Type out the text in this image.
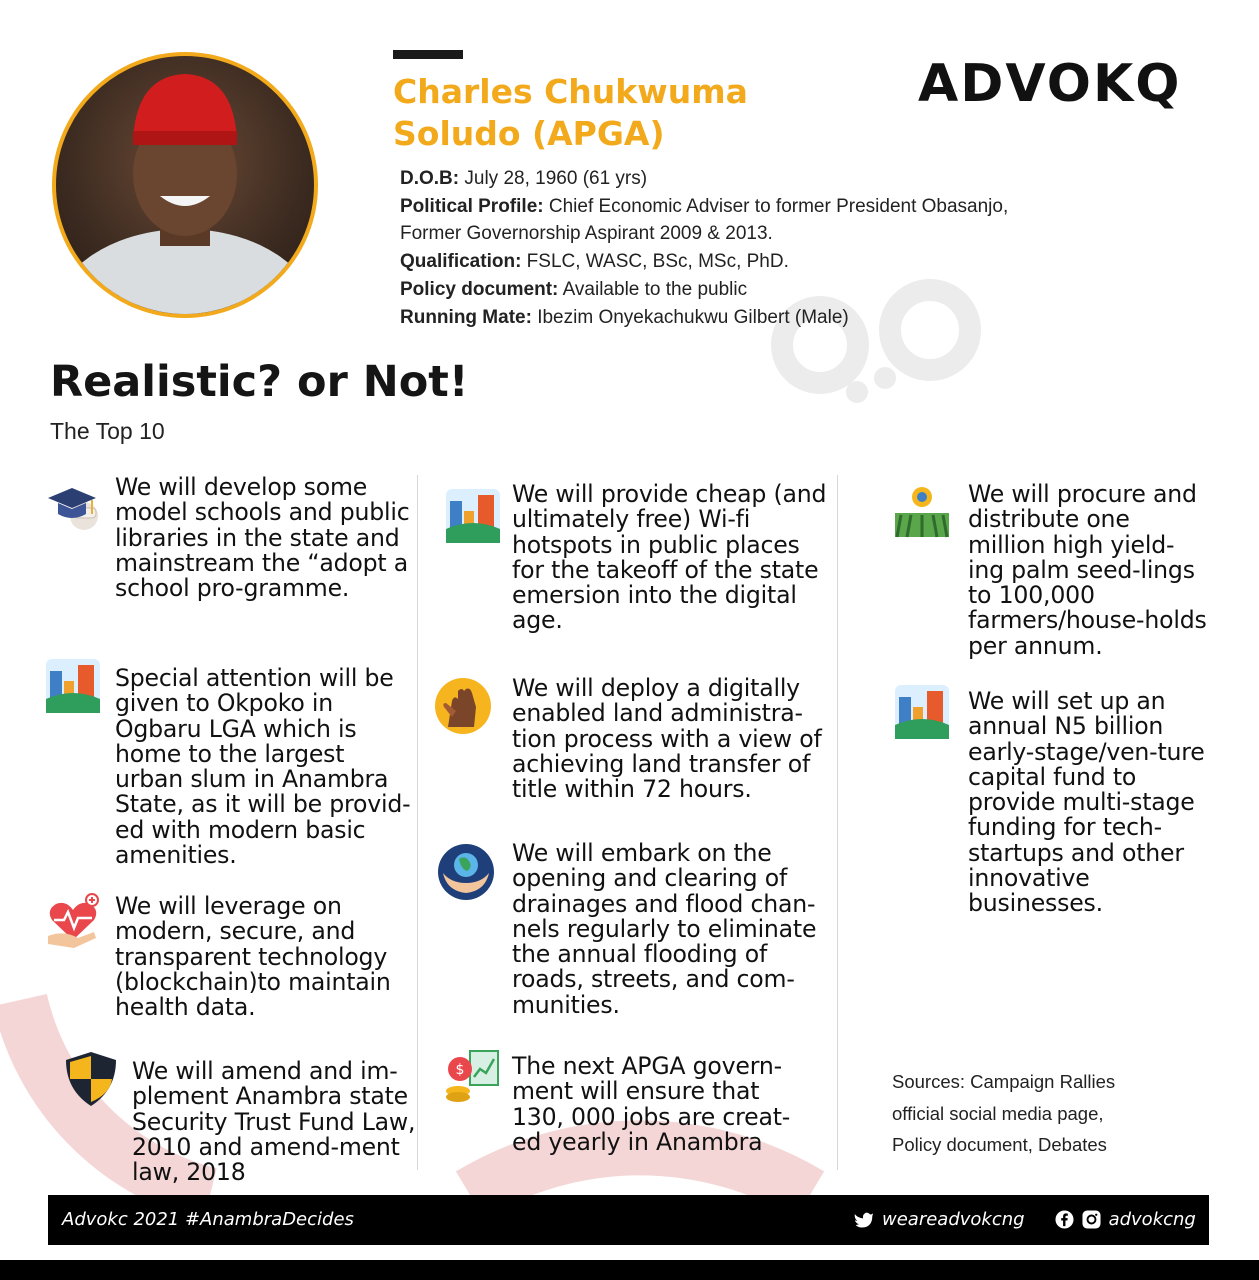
Charles Chukwuma Soludo (APGA)
ADVOKQ
D.O.B: July 28, 1960 (61 yrs)
Political Profile: Chief Economic Adviser to former President Obasanjo,
Former Governorship Aspirant 2009 & 2013.
Qualification: FSLC, WASC, BSc, MSc, PhD.
Policy document: Available to the public
Running Mate: Ibezim Onyekachukwu Gilbert (Male)
Realistic? or Not!
The Top 10
We will develop some model schools and public libraries in the state and mainstream the “adopt a school pro-gramme.
Special attention will be given to Okpoko in Ogbaru LGA which is home to the largest urban slum in Anambra State, as it will be provid-ed with modern basic amenities.
We will leverage on modern, secure, and transparent technology (blockchain)to maintain health data.
We will amend and im-plement Anambra state Security Trust Fund Law, 2010 and amend-ment law, 2018
We will provide cheap (and ultimately free) Wi-fi hotspots in public places for the takeoff of the state emersion into the digital age.
We will deploy a digitally enabled land administra-tion process with a view of achieving land transfer of title within 72 hours.
We will embark on the opening and clearing of drainages and flood chan-nels regularly to eliminate the annual flooding of roads, streets, and com-munities.
$ The next APGA govern-ment will ensure that 130, 000 jobs are creat-ed yearly in Anambra
We will procure and distribute one million high yield-ing palm seed-lings to 100,000 farmers/house-holds per annum.
We will set up an annual N5 billion early-stage/ven-ture capital fund to provide multi-stage funding for tech-startups and other innovative businesses.
Sources: Campaign Rallies
official social media page,
Policy document, Debates
Advokc 2021 #AnambraDecides	weareadvokcng	advokcng
